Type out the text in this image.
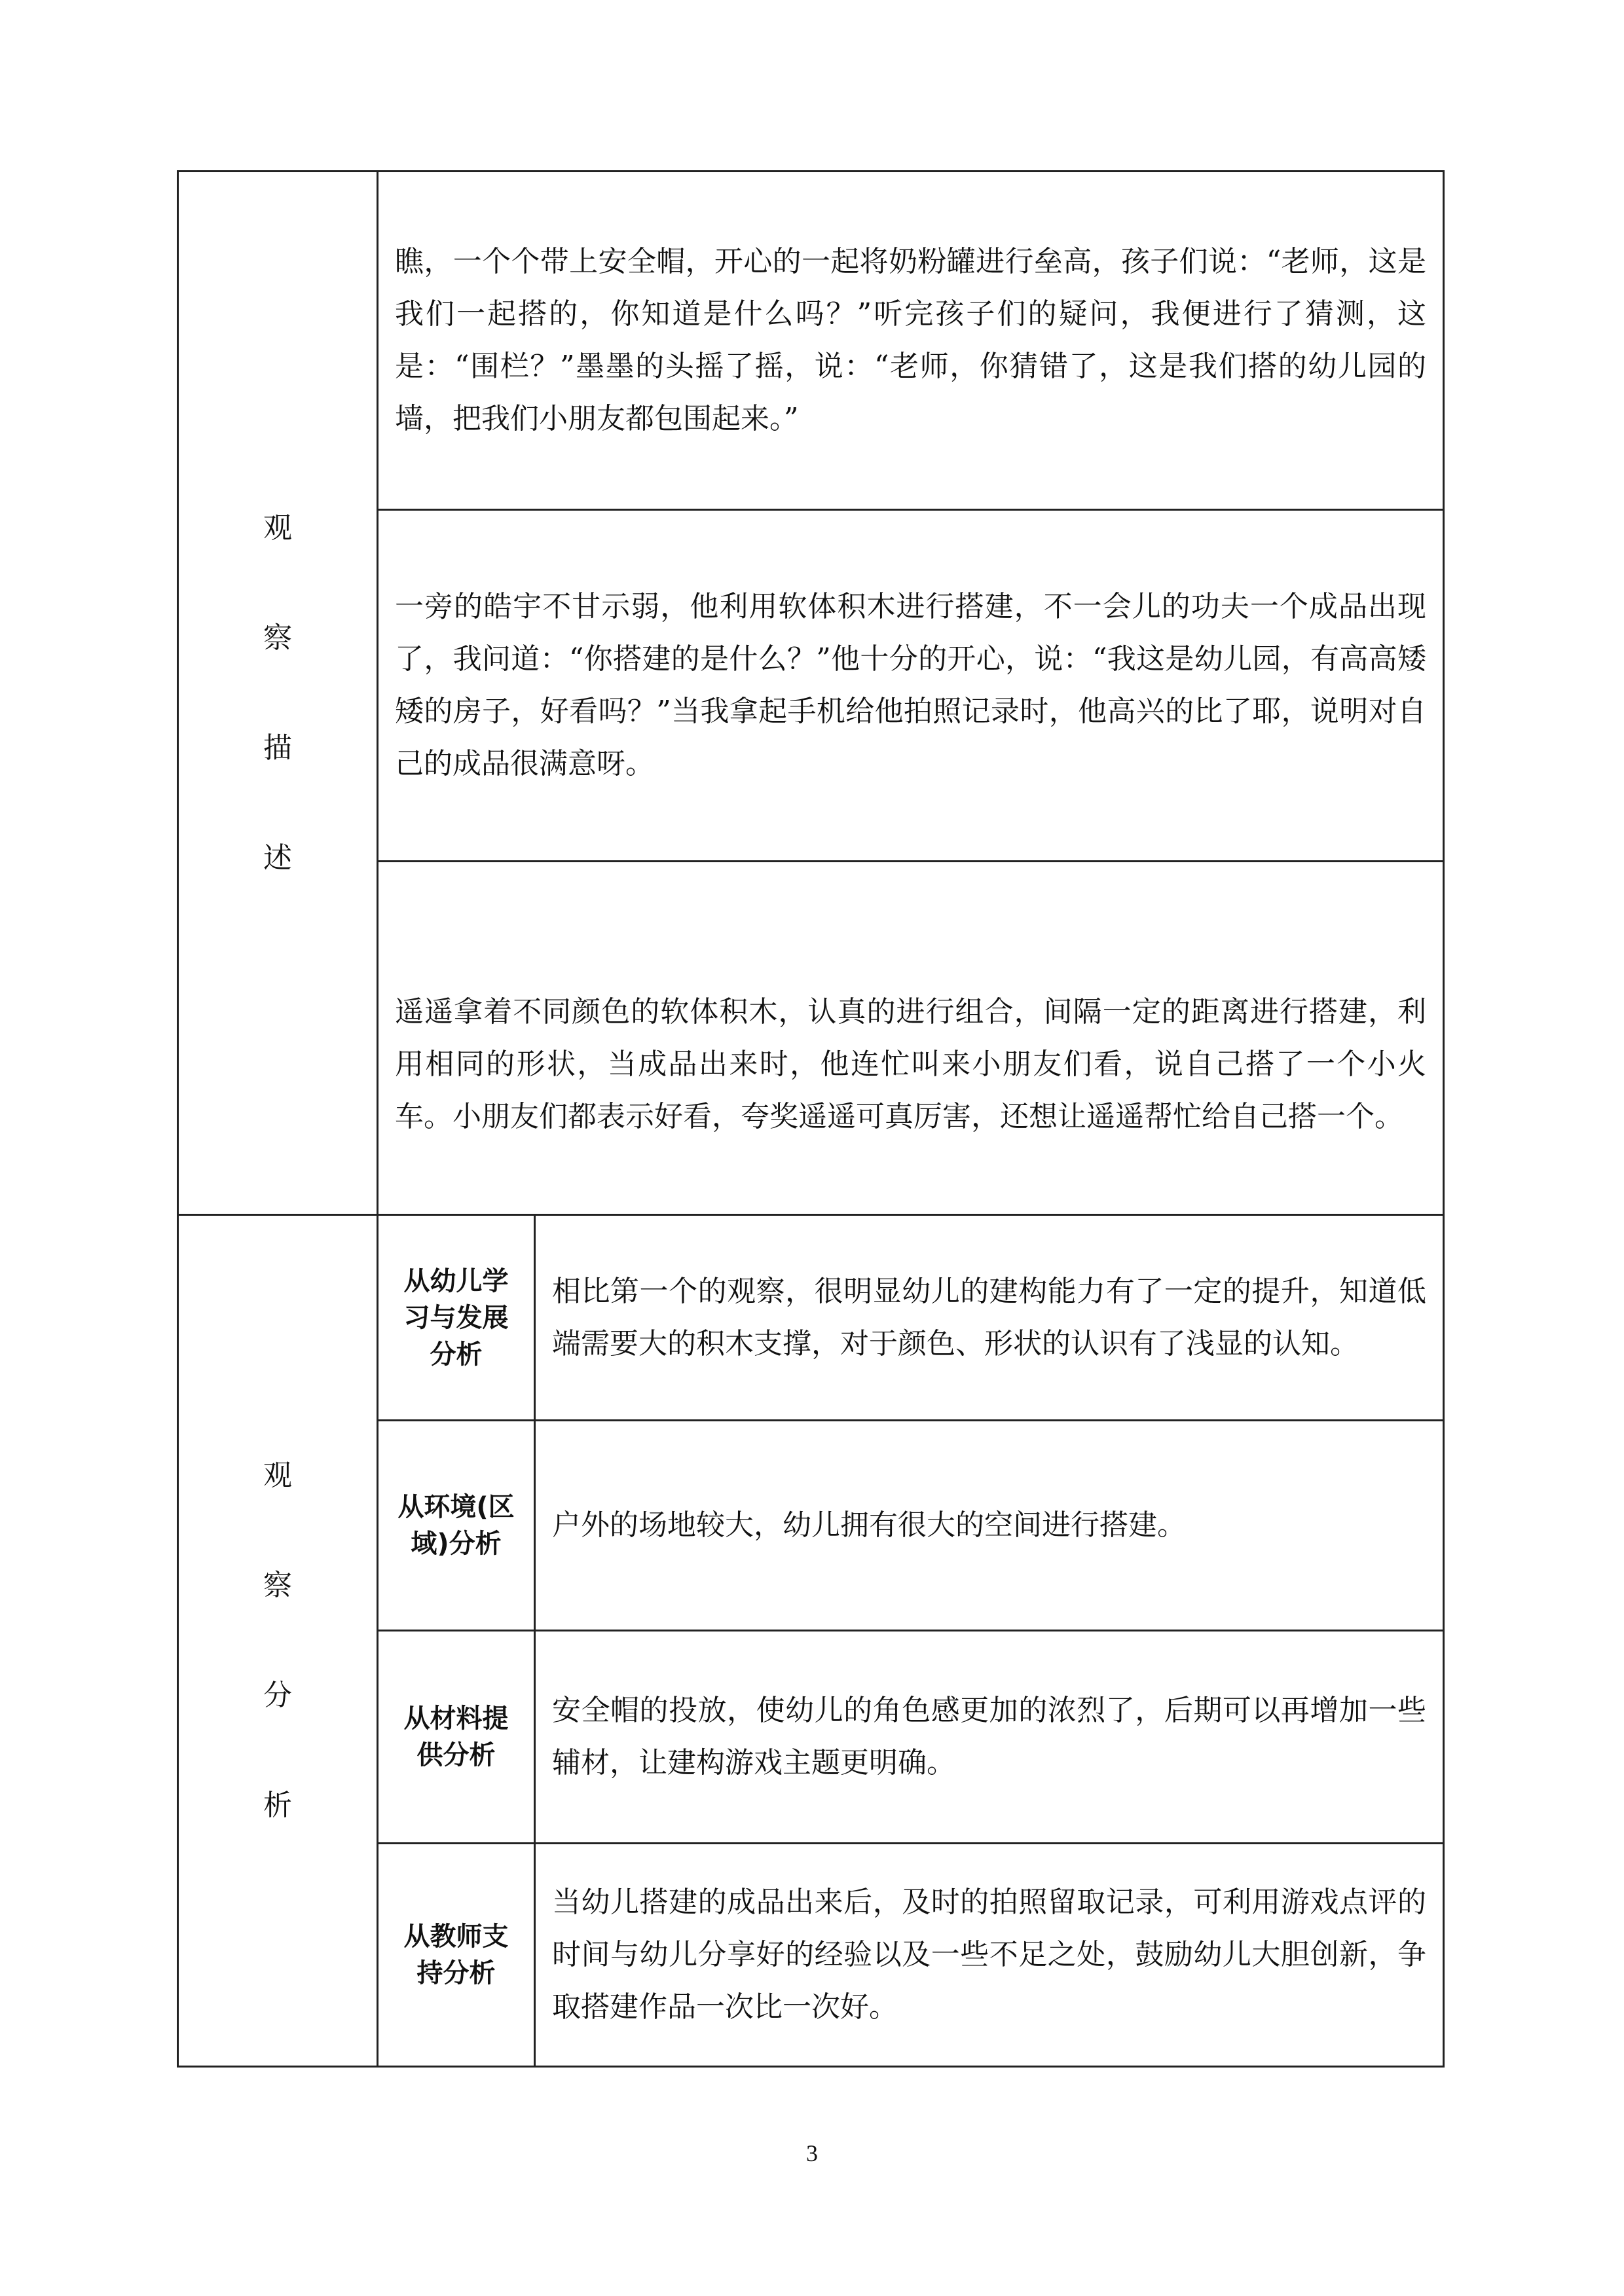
观
察
描
述	瞧，一个个带上安全帽，开心的一起将奶粉罐进行垒高，孩子们说：“老师，这是我们一起搭的，你知道是什么吗？”听完孩子们的疑问，我便进行了猜测，这是：“围栏？”墨墨的头摇了摇，说：“老师，你猜错了，这是我们搭的幼儿园的墙，把我们小朋友都包围起来。”	

	一旁的皓宇不甘示弱，他利用软体积木进行搭建，不一会儿的功夫一个成品出现了，我问道：“你搭建的是什么？”他十分的开心，说：“我这是幼儿园，有高高矮矮的房子，好看吗？”当我拿起手机给他拍照记录时，他高兴的比了耶，说明对自己的成品很满意呀。	

	遥遥拿着不同颜色的软体积木，认真的进行组合，间隔一定的距离进行搭建，利用相同的形状，当成品出来时，他连忙叫来小朋友们看，说自己搭了一个小火车。小朋友们都表示好看，夸奖遥遥可真厉害，还想让遥遥帮忙给自己搭一个。	

观
察
分
析	从幼儿学习与发展分析	相比第一个的观察，很明显幼儿的建构能力有了一定的提升，知道低端需要大的积木支撑，对于颜色、形状的认识有了浅显的认知。

	从环境(区域)分析	户外的场地较大，幼儿拥有很大的空间进行搭建。

	从材料提供分析	安全帽的投放，使幼儿的角色感更加的浓烈了，后期可以再增加一些辅材，让建构游戏主题更明确。

	从教师支持分析	当幼儿搭建的成品出来后，及时的拍照留取记录，可利用游戏点评的时间与幼儿分享好的经验以及一些不足之处，鼓励幼儿大胆创新，争取搭建作品一次比一次好。
3
